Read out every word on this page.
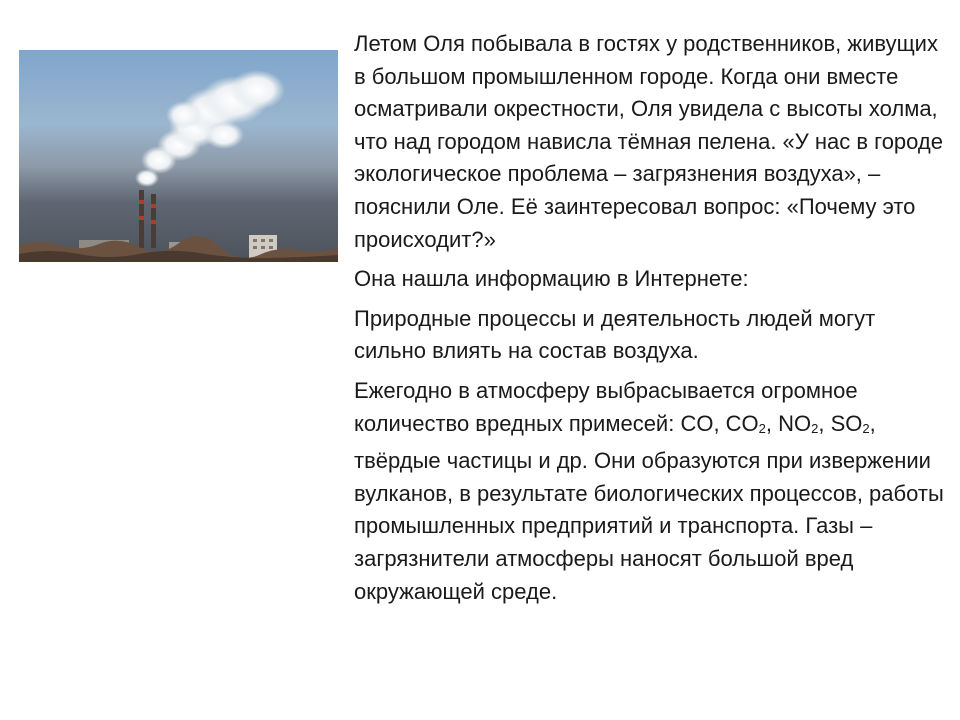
Летом Оля побывала в гостях у родственников, живущих в большом промышленном городе. Когда они вместе осматривали окрестности, Оля увидела с высоты холма, что над городом нависла тёмная пелена. «У нас в городе экологическое проблема – загрязнения воздуха», – пояснили Оле. Её заинтересовал вопрос: «Почему это происходит?»

Она нашла информацию в Интернете:

Природные процессы и деятельность людей могут сильно влиять на состав воздуха.

Ежегодно в атмосферу выбрасывается огромное количество вредных примесей: CO, $CO_2$, $NO_2$, $SO_2$, твёрдые частицы и др. Они образуются при извержении вулканов, в результате биологических процессов, работы промышленных предприятий и транспорта. Газы – загрязнители атмосферы наносят большой вред окружающей среде.
